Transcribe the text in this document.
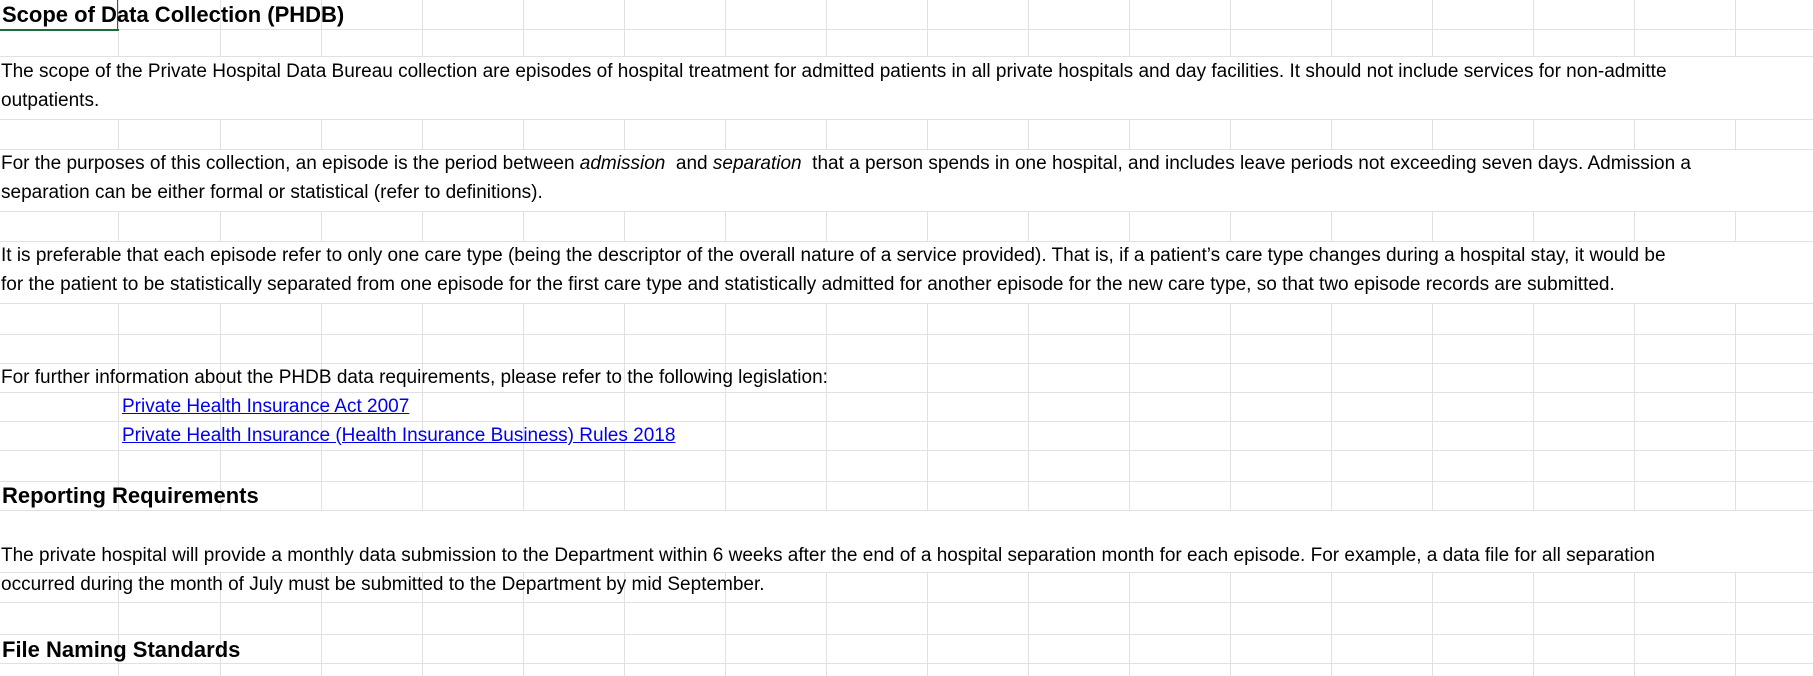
Scope of Data Collection (PHDB)
The scope of the Private Hospital Data Bureau collection are episodes of hospital treatment for admitted patients in all private hospitals and day facilities. It should not include services for non-admitte
outpatients.
For the purposes of this collection, an episode is the period between admission  and separation  that a person spends in one hospital, and includes leave periods not exceeding seven days. Admission a
separation can be either formal or statistical (refer to definitions).
It is preferable that each episode refer to only one care type (being the descriptor of the overall nature of a service provided). That is, if a patient’s care type changes during a hospital stay, it would be
for the patient to be statistically separated from one episode for the first care type and statistically admitted for another episode for the new care type, so that two episode records are submitted.
For further information about the PHDB data requirements, please refer to the following legislation:
Private Health Insurance Act 2007
Private Health Insurance (Health Insurance Business) Rules 2018
Reporting Requirements
The private hospital will provide a monthly data submission to the Department within 6 weeks after the end of a hospital separation month for each episode. For example, a data file for all separation
occurred during the month of July must be submitted to the Department by mid September.
File Naming Standards
